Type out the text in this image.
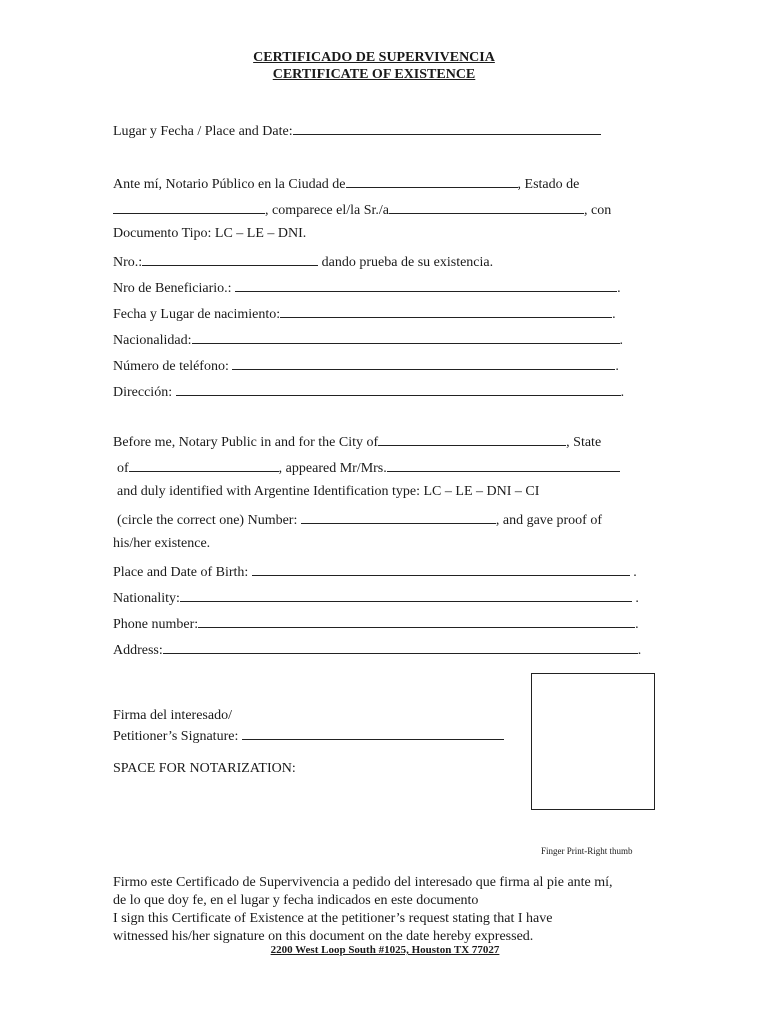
CERTIFICADO DE SUPERVIVENCIA
CERTIFICATE OF EXISTENCE
Lugar y Fecha / Place and Date:
Ante mí, Notario Público en la Ciudad de	, Estado de
, comparece el/la Sr./a	, con
Documento Tipo: LC – LE – DNI.
Nro.:	dando prueba de su existencia.
Nro de Beneficiario.:	.
Fecha y Lugar de nacimiento:	.
Nacionalidad:	.
Número de teléfono:	.
Dirección:	.
Before me, Notary Public in and for the City of	, State
of	, appeared Mr/Mrs.
and duly identified with Argentine Identification type: LC – LE – DNI – CI
(circle the correct one) Number:	, and gave proof of
his/her existence.
Place and Date of Birth:	.
Nationality:	.
Phone number:	.
Address:	.
Firma del interesado/
Petitioner’s Signature:
SPACE FOR NOTARIZATION:
Finger Print-Right thumb
Firmo este Certificado de Supervivencia a pedido del interesado que firma al pie ante mí,
de lo que doy fe, en el lugar y fecha indicados en este documento
I sign this Certificate of Existence at the petitioner’s request stating that I have
witnessed his/her signature on this document on the date hereby expressed.
2200 West Loop South #1025, Houston TX 77027
